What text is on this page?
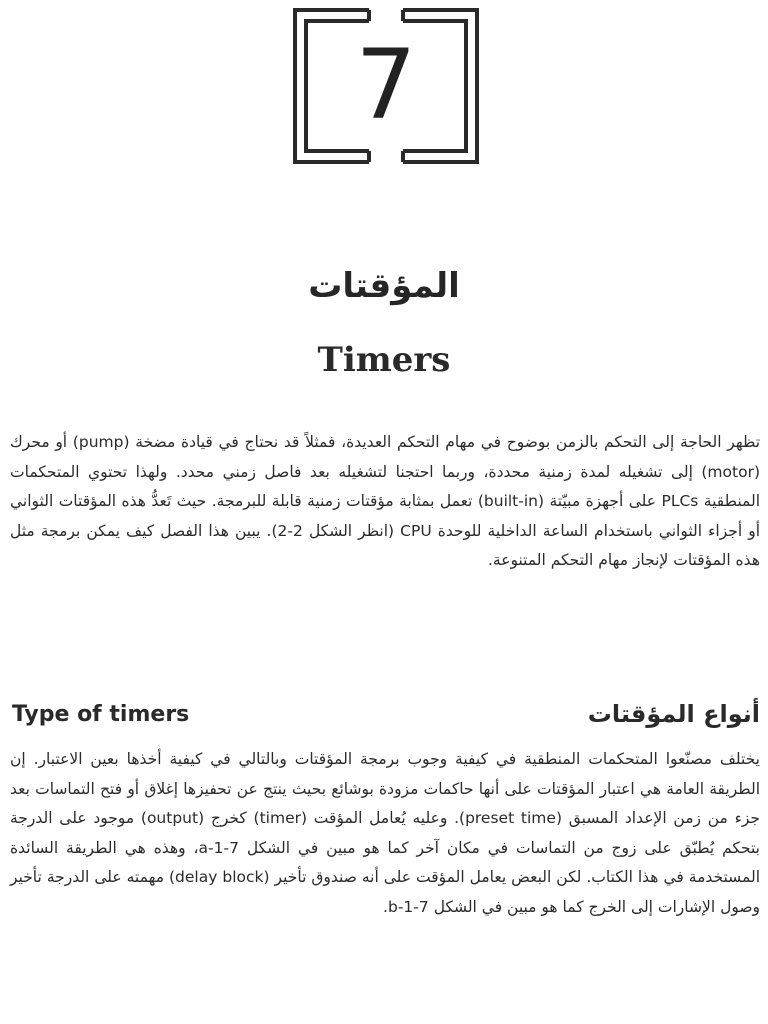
7
المؤقتات
Timers
تظهر الحاجة إلى التحكم بالزمن بوضوح في مهام التحكم العديدة، فمثلاً قد نحتاج في قيادة مضخة (pump) أو محرك (motor) إلى تشغيله لمدة زمنية محددة، وربما احتجنا لتشغيله بعد فاصل زمني محدد. ولهذا تحتوي المتحكمات المنطقية PLCs على أجهزة مبيّتة (built-in) تعمل بمثابة مؤقتات زمنية قابلة للبرمجة. حيث تَعدُّ هذه المؤقتات الثواني أو أجزاء الثواني باستخدام الساعة الداخلية للوحدة CPU (انظر الشكل 2-2). يبين هذا الفصل كيف يمكن برمجة مثل هذه المؤقتات لإنجاز مهام التحكم المتنوعة.
Type of timers	أنواع المؤقتات
يختلف مصنّعوا المتحكمات المنطقية في كيفية وجوب برمجة المؤقتات وبالتالي في كيفية أخذها بعين الاعتبار. إن الطريقة العامة هي اعتبار المؤقتات على أنها حاكمات مزودة بوشائع بحيث ينتج عن تحفيزها إغلاق أو فتح التماسات بعد جزء من زمن الإعداد المسبق (preset time). وعليه يُعامل المؤقت (timer) كخرج (output) موجود على الدرجة بتحكم يُطبّق على زوج من التماسات في مكان آخر كما هو مبين في الشكل 7-1-a، وهذه هي الطريقة السائدة المستخدمة في هذا الكتاب. لكن البعض يعامل المؤقت على أنه صندوق تأخير (delay block) مهمته على الدرجة تأخير وصول الإشارات إلى الخرج كما هو مبين في الشكل 7-1-b.
